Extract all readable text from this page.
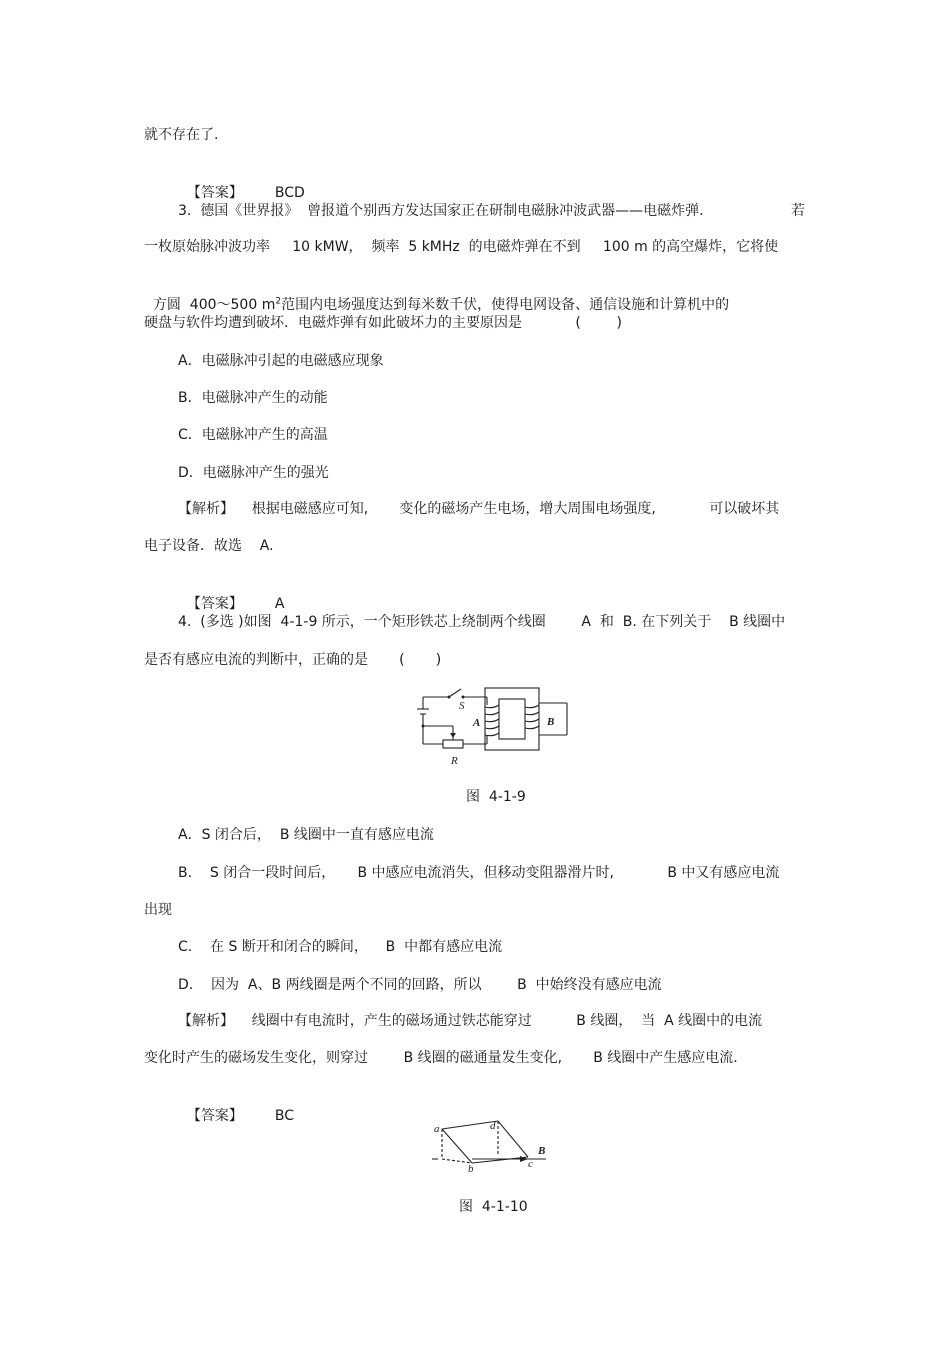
就不存在了.

【答案】 BCD

3.  德国《世界报》  曾报道个别西方发达国家正在研制电磁脉冲波武器——电磁炸弹.	若
一枚原始脉冲波功率     10 kMW，  频率  5 kMHz  的电磁炸弹在不到     100 m 的高空爆炸，它将使

方圆  400～500 $m^2$范围内电场强度达到每米数千伏，使得电网设备、通信设施和计算机中的

硬盘与软件均遭到破坏．电磁炸弹有如此破坏力的主要原因是            (        )
A．电磁脉冲引起的电磁感应现象
B．电磁脉冲产生的动能
C．电磁脉冲产生的高温
D．电磁脉冲产生的强光
【解析】    根据电磁感应可知,       变化的磁场产生电场，增大周围电场强度,            可以破坏其
电子设备．故选    A.

【答案】 A

4.  (多选 )如图  4-1-9 所示，一个矩形铁芯上绕制两个线圈        A  和  B. 在下列关于    B 线圈中
是否有感应电流的判断中，正确的是       (       )
S
A	B
R
图  4-1-9
A．S 闭合后，  B 线圈中一直有感应电流
B.    S 闭合一段时间后，     B 中感应电流消失，但移动变阻器滑片时,            B 中又有感应电流
出现
C.    在 S 断开和闭合的瞬间，    B  中都有感应电流
D.    因为  A、B 两线圈是两个不同的回路，所以        B  中始终没有感应电流
【解析】    线圈中有电流时，产生的磁场通过铁芯能穿过          B 线圈，  当  A 线圈中的电流
变化时产生的磁场发生变化，则穿过        B 线圈的磁通量发生变化,       B 线圈中产生感应电流.

【答案】 BC

a	d
b	c
B
图  4-1-10
